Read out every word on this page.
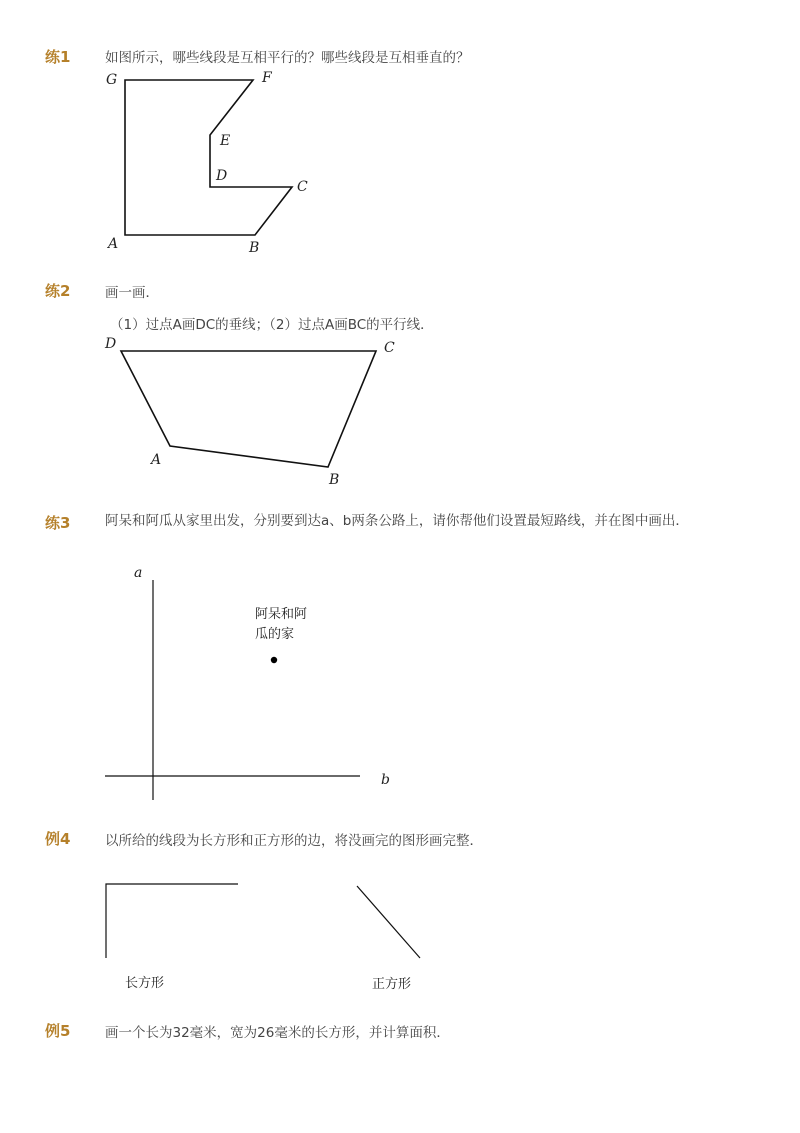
练1	如图所示，哪些线段是互相平行的？哪些线段是互相垂直的？
练2	画一画．
（1）过点A画DC的垂线；（2）过点A画BC的平行线．
练3	阿呆和阿瓜从家里出发，分别要到达a、b两条公路上，请你帮他们设置最短路线，并在图中画出．
例4	以所给的线段为长方形和正方形的边，将没画完的图形画完整．
例5	画一个长为32毫米，宽为26毫米的长方形，并计算面积．
G	F
E
D
C
A	B
D	C
A
B
a
b
阿呆和阿
瓜的家
长方形	正方形
